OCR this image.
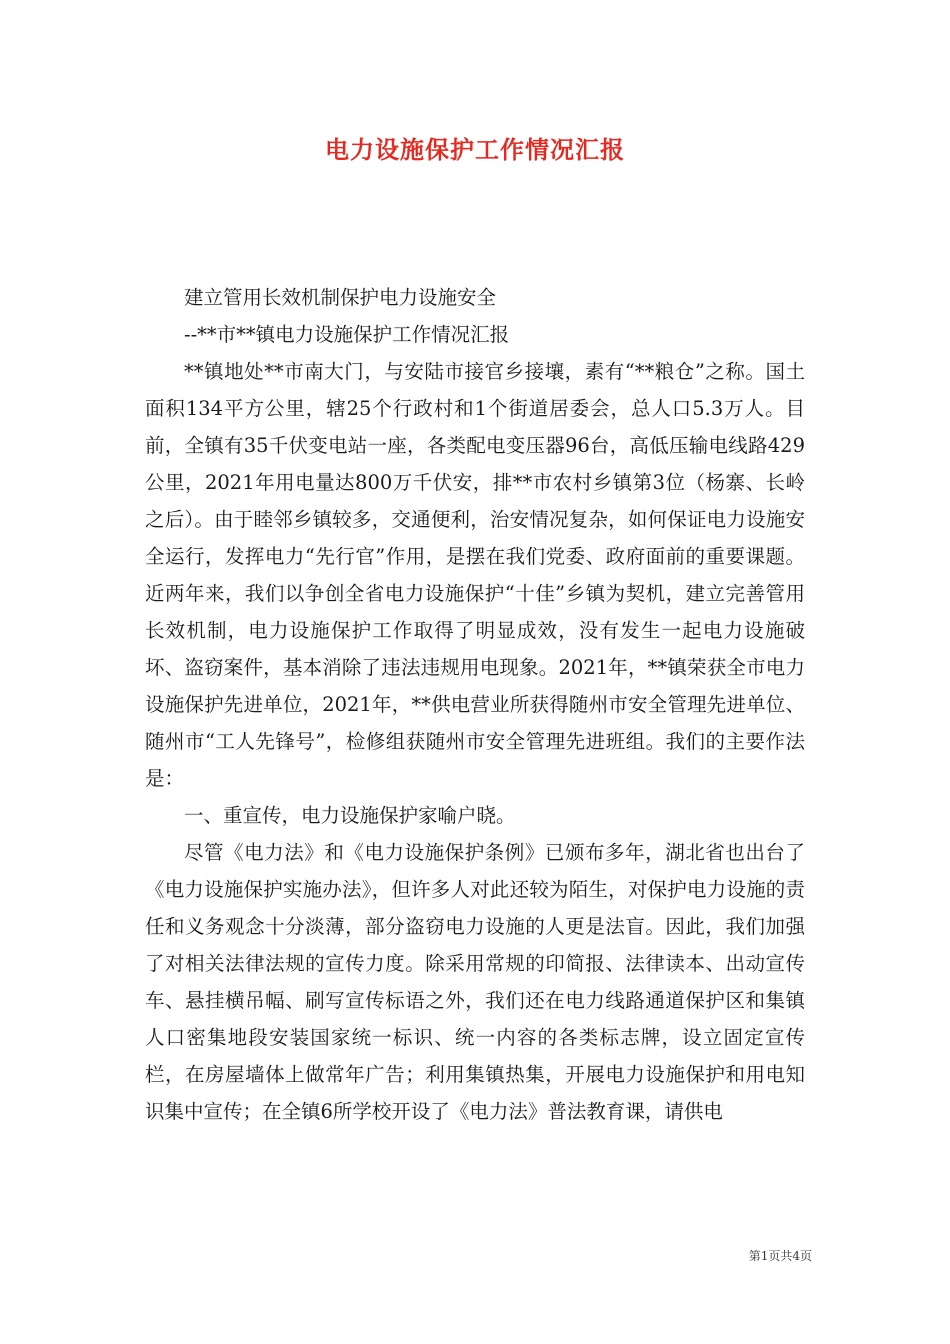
电力设施保护工作情况汇报

建立管用长效机制保护电力设施安全

--**市**镇电力设施保护工作情况汇报

**镇地处**市南大门，与安陆市接官乡接壤，素有“**粮仓”之称。国土面积134平方公里，辖25个行政村和1个街道居委会，总人口5.3万人。目前，全镇有35千伏变电站一座，各类配电变压器96台，高低压输电线路429公里，2021年用电量达800万千伏安，排**市农村乡镇第3位（杨寨、长岭之后）。由于睦邻乡镇较多，交通便利，治安情况复杂，如何保证电力设施安全运行，发挥电力“先行官”作用，是摆在我们党委、政府面前的重要课题。近两年来，我们以争创全省电力设施保护“十佳”乡镇为契机，建立完善管用长效机制，电力设施保护工作取得了明显成效，没有发生一起电力设施破坏、盗窃案件，基本消除了违法违规用电现象。2021年，**镇荣获全市电力设施保护先进单位，2021年，**供电营业所获得随州市安全管理先进单位、随州市“工人先锋号”，检修组获随州市安全管理先进班组。我们的主要作法是：

一、重宣传，电力设施保护家喻户晓。

尽管《电力法》和《电力设施保护条例》已颁布多年，湖北省也出台了《电力设施保护实施办法》，但许多人对此还较为陌生，对保护电力设施的责任和义务观念十分淡薄，部分盗窃电力设施的人更是法盲。因此，我们加强了对相关法律法规的宣传力度。除采用常规的印简报、法律读本、出动宣传车、悬挂横吊幅、刷写宣传标语之外，我们还在电力线路通道保护区和集镇人口密集地段安装国家统一标识、统一内容的各类标志牌，设立固定宣传栏，在房屋墙体上做常年广告；利用集镇热集，开展电力设施保护和用电知识集中宣传；在全镇6所学校开设了《电力法》普法教育课，请供电

第1页共4页
